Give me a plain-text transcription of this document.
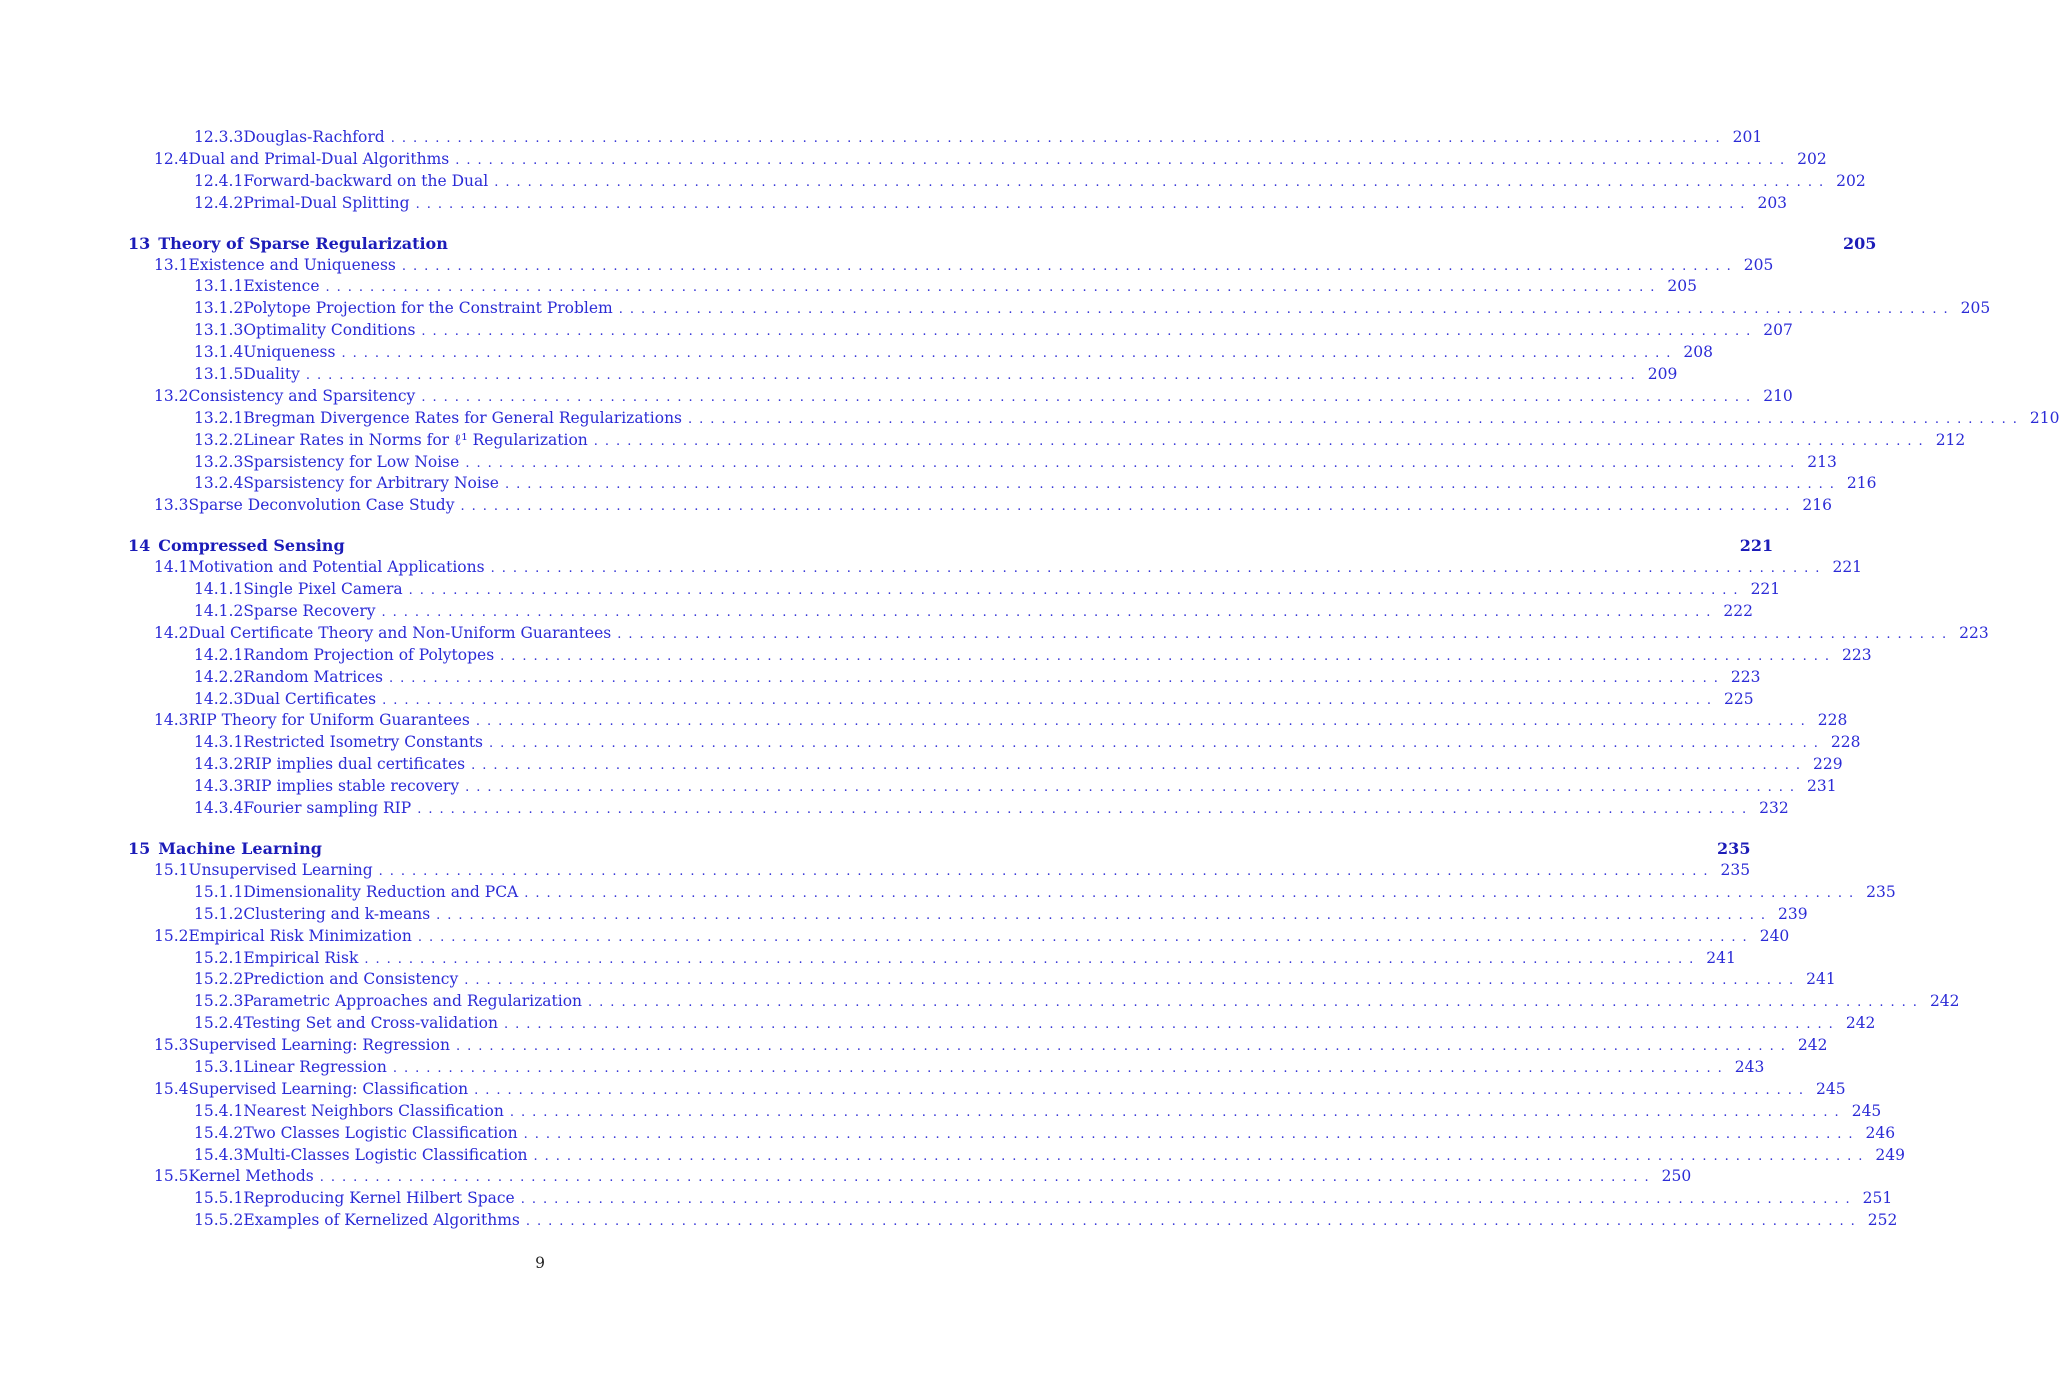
12.3.3 Douglas-Rachford ........................................................................................................................ 201
12.4 Dual and Primal-Dual Algorithms ........................................................................................................................ 202
12.4.1 Forward-backward on the Dual ........................................................................................................................ 202
12.4.2 Primal-Dual Splitting ........................................................................................................................ 203
13 Theory of Sparse Regularization	205
13.1 Existence and Uniqueness ........................................................................................................................ 205
13.1.1 Existence ........................................................................................................................ 205
13.1.2 Polytope Projection for the Constraint Problem ........................................................................................................................ 205
13.1.3 Optimality Conditions ........................................................................................................................ 207
13.1.4 Uniqueness ........................................................................................................................ 208
13.1.5 Duality ........................................................................................................................ 209
13.2 Consistency and Sparsitency ........................................................................................................................ 210
13.2.1 Bregman Divergence Rates for General Regularizations ........................................................................................................................ 210
13.2.2 Linear Rates in Norms for ℓ¹ Regularization ........................................................................................................................ 212
13.2.3 Sparsistency for Low Noise ........................................................................................................................ 213
13.2.4 Sparsistency for Arbitrary Noise ........................................................................................................................ 216
13.3 Sparse Deconvolution Case Study ........................................................................................................................ 216
14 Compressed Sensing	221
14.1 Motivation and Potential Applications ........................................................................................................................ 221
14.1.1 Single Pixel Camera ........................................................................................................................ 221
14.1.2 Sparse Recovery ........................................................................................................................ 222
14.2 Dual Certificate Theory and Non-Uniform Guarantees ........................................................................................................................ 223
14.2.1 Random Projection of Polytopes ........................................................................................................................ 223
14.2.2 Random Matrices ........................................................................................................................ 223
14.2.3 Dual Certificates ........................................................................................................................ 225
14.3 RIP Theory for Uniform Guarantees ........................................................................................................................ 228
14.3.1 Restricted Isometry Constants ........................................................................................................................ 228
14.3.2 RIP implies dual certificates ........................................................................................................................ 229
14.3.3 RIP implies stable recovery ........................................................................................................................ 231
14.3.4 Fourier sampling RIP ........................................................................................................................ 232
15 Machine Learning	235
15.1 Unsupervised Learning ........................................................................................................................ 235
15.1.1 Dimensionality Reduction and PCA ........................................................................................................................ 235
15.1.2 Clustering and k-means ........................................................................................................................ 239
15.2 Empirical Risk Minimization ........................................................................................................................ 240
15.2.1 Empirical Risk ........................................................................................................................ 241
15.2.2 Prediction and Consistency ........................................................................................................................ 241
15.2.3 Parametric Approaches and Regularization ........................................................................................................................ 242
15.2.4 Testing Set and Cross-validation ........................................................................................................................ 242
15.3 Supervised Learning: Regression ........................................................................................................................ 242
15.3.1 Linear Regression ........................................................................................................................ 243
15.4 Supervised Learning: Classification ........................................................................................................................ 245
15.4.1 Nearest Neighbors Classification ........................................................................................................................ 245
15.4.2 Two Classes Logistic Classification ........................................................................................................................ 246
15.4.3 Multi-Classes Logistic Classification ........................................................................................................................ 249
15.5 Kernel Methods ........................................................................................................................ 250
15.5.1 Reproducing Kernel Hilbert Space ........................................................................................................................ 251
15.5.2 Examples of Kernelized Algorithms ........................................................................................................................ 252
9
